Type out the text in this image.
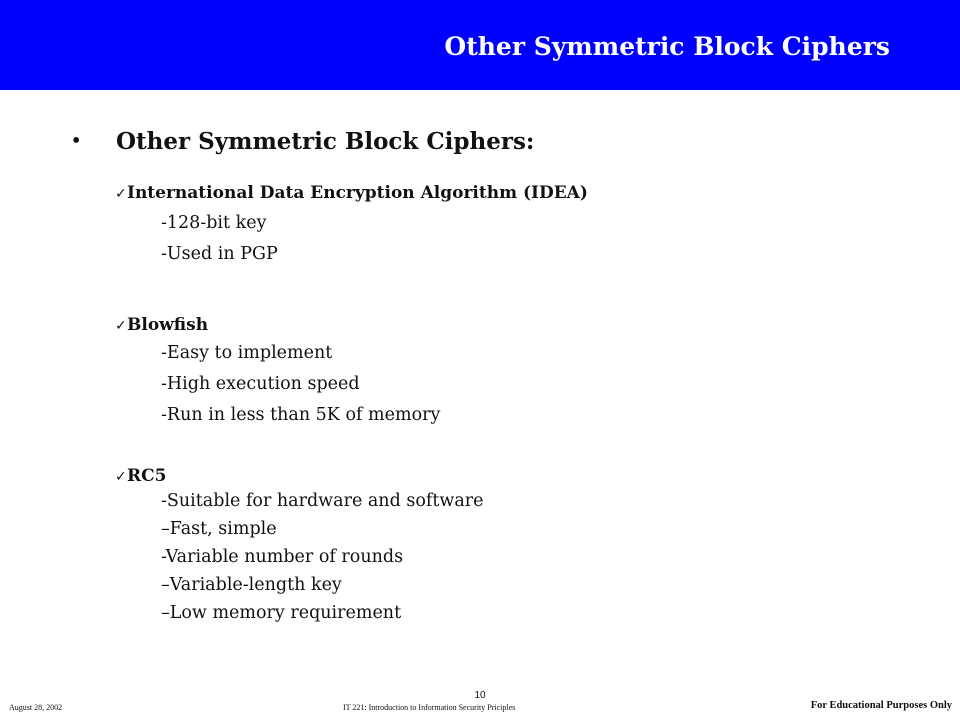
Other Symmetric Block Ciphers
• Other Symmetric Block Ciphers:
✓International Data Encryption Algorithm (IDEA)
-128-bit key
-Used in PGP
✓Blowfish
-Easy to implement
-High execution speed
-Run in less than 5K of memory
✓RC5
-Suitable for hardware and software
–Fast, simple
-Variable number of rounds
–Variable-length key
–Low memory requirement
August 28, 2002
10
IT 221: Introduction to Information Security Priciples	For Educational Purposes Only
